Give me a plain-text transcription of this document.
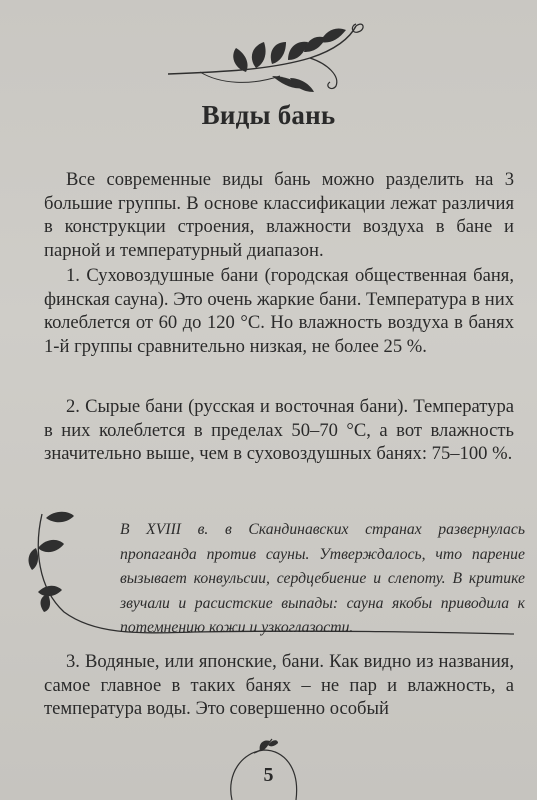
Виды бань

Все современные виды бань можно разделить на 3 большие группы. В основе классификации лежат различия в конструкции строения, влажности воздуха в бане и парной и температурный диапазон.

1. Суховоздушные бани (городская общественная баня, финская сауна). Это очень жаркие бани. Температура в них колеблется от 60 до 120 °С. Но влажность воздуха в банях 1-й группы сравнительно низкая, не более 25 %.

2. Сырые бани (русская и восточная бани). Температура в них колеблется в пределах 50–70 °С, а вот влажность значительно выше, чем в суховоздушных банях: 75–100 %.

В XVIII в. в Скандинавских странах развернулась пропаганда против сауны. Утверждалось, что парение вызывает конвульсии, сердцебиение и слепоту. В критике звучали и расистские выпады: сауна якобы приводила к потемнению кожи и узкоглазости.

3. Водяные, или японские, бани. Как видно из названия, самое главное в таких банях – не пар и влажность, а температура воды. Это совершенно особый

5
